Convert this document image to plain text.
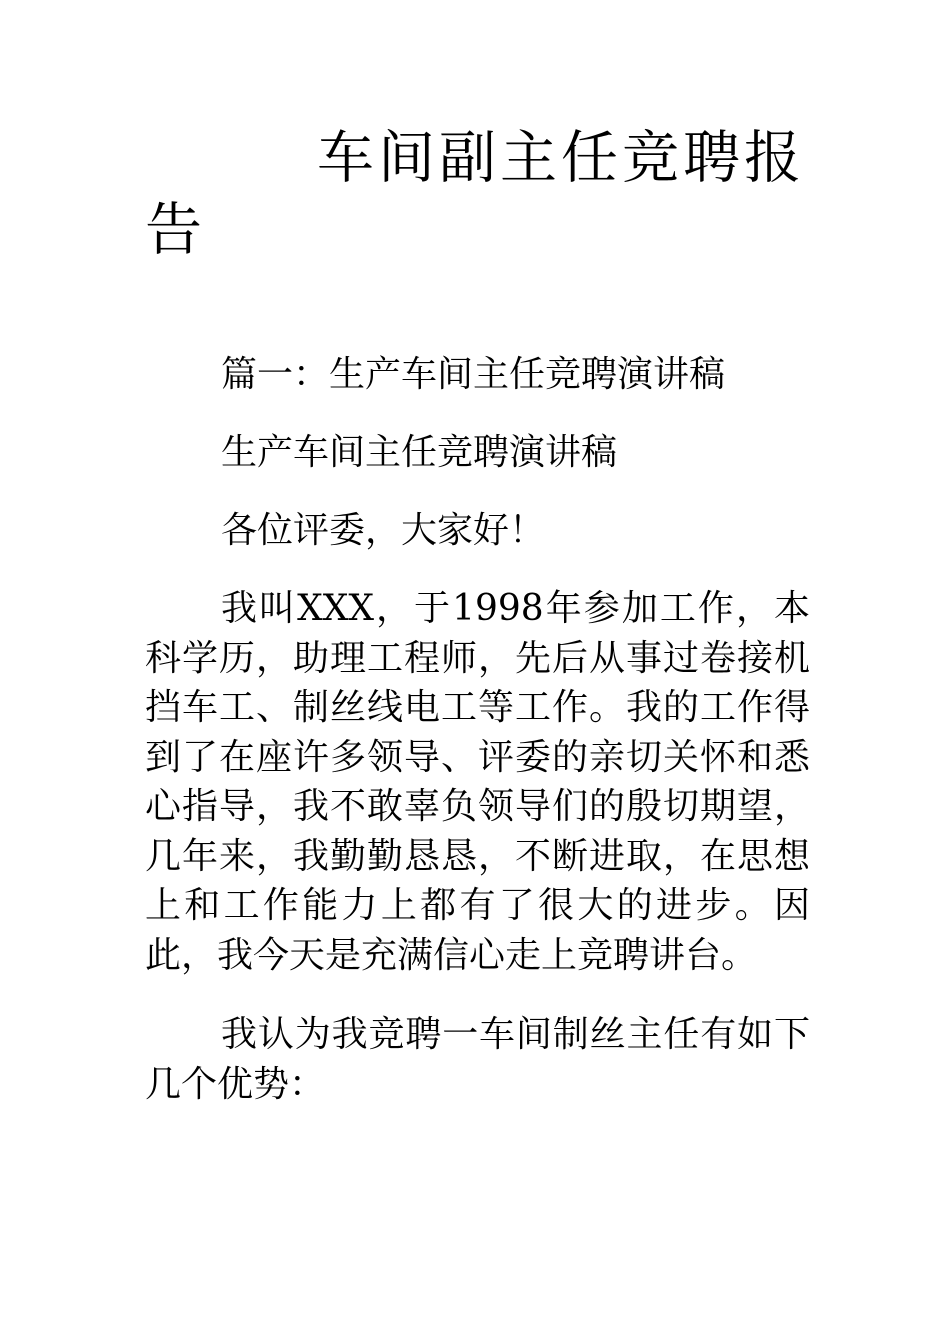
车间副主任竞聘报告

篇一：生产车间主任竞聘演讲稿

生产车间主任竞聘演讲稿

各位评委，大家好！

我叫XXX，于1998年参加工作，本科学历，助理工程师，先后从事过卷接机挡车工、制丝线电工等工作。我的工作得到了在座许多领导、评委的亲切关怀和悉心指导，我不敢辜负领导们的殷切期望，几年来，我勤勤恳恳，不断进取，在思想上和工作能力上都有了很大的进步。因此，我今天是充满信心走上竞聘讲台。

我认为我竞聘一车间制丝主任有如下几个优势：
